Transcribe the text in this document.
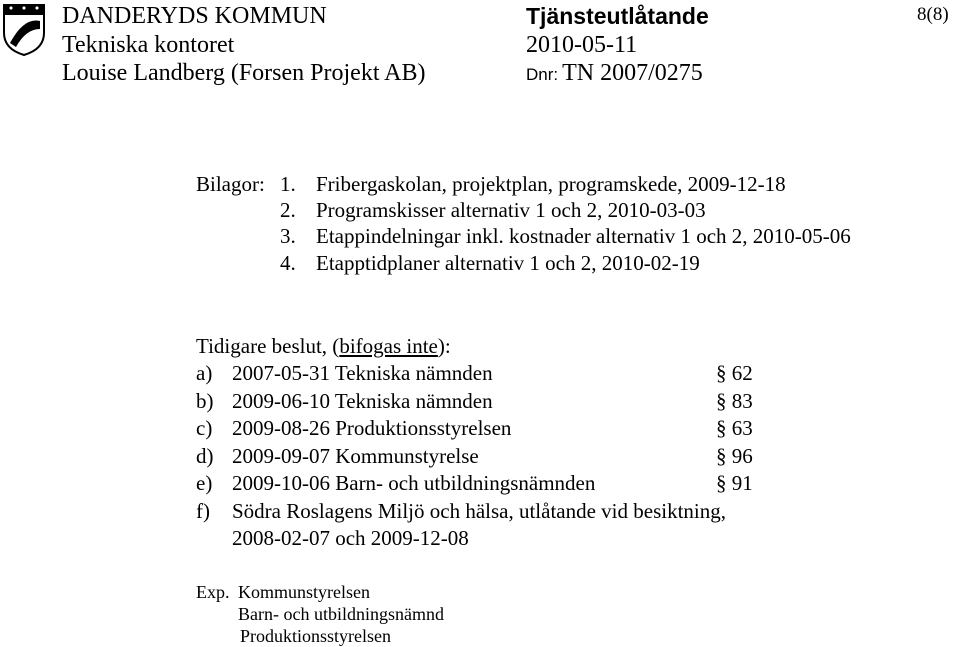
DANDERYDS KOMMUN
Tekniska kontoret
Louise Landberg (Forsen Projekt AB)
Tjänsteutlåtande
2010-05-11
Dnr: TN 2007/0275
8(8)
Bilagor: 1. Fribergaskolan, projektplan, programskede, 2009-12-18
2. Programskisser alternativ 1 och 2, 2010-03-03
3. Etappindelningar inkl. kostnader alternativ 1 och 2, 2010-05-06
4. Etapptidplaner alternativ 1 och 2, 2010-02-19
Tidigare beslut, (bifogas inte):
a) 2007-05-31 Tekniska nämnden	§ 62
b) 2009-06-10 Tekniska nämnden	§ 83
c) 2009-08-26 Produktionsstyrelsen	§ 63
d) 2009-09-07 Kommunstyrelse	§ 96
e) 2009-10-06 Barn- och utbildningsnämnden	§ 91
f) Södra Roslagens Miljö och hälsa, utlåtande vid besiktning,
2008-02-07 och 2009-12-08
Exp. Kommunstyrelsen
Barn- och utbildningsnämnd
Produktionsstyrelsen
